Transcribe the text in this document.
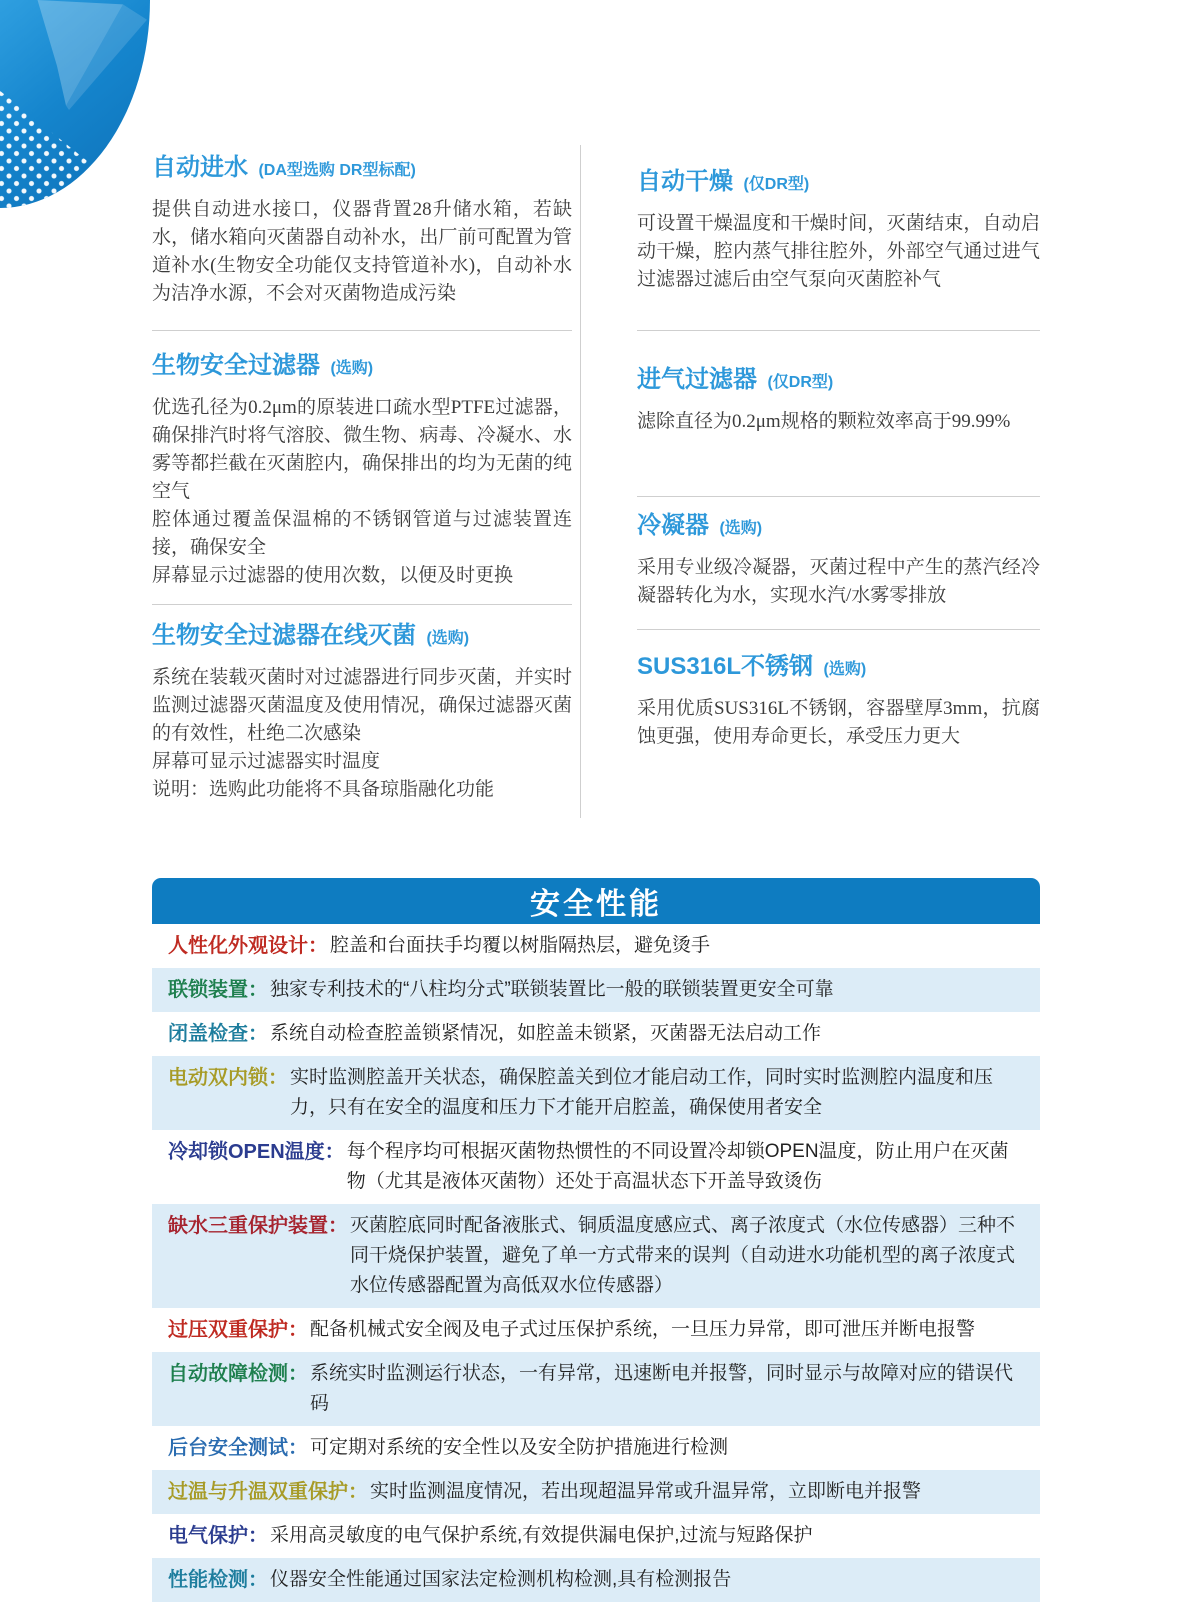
自动进水 (DA型选购 DR型标配)

提供自动进水接口，仪器背置28升储水箱，若缺水，储水箱向灭菌器自动补水，出厂前可配置为管道补水(生物安全功能仅支持管道补水)，自动补水为洁净水源，不会对灭菌物造成污染

生物安全过滤器 (选购)

优选孔径为0.2μm的原装进口疏水型PTFE过滤器，确保排汽时将气溶胶、微生物、病毒、冷凝水、水雾等都拦截在灭菌腔内，确保排出的均为无菌的纯空气

腔体通过覆盖保温棉的不锈钢管道与过滤装置连接，确保安全

屏幕显示过滤器的使用次数，以便及时更换

生物安全过滤器在线灭菌 (选购)

系统在装载灭菌时对过滤器进行同步灭菌，并实时监测过滤器灭菌温度及使用情况，确保过滤器灭菌的有效性，杜绝二次感染

屏幕可显示过滤器实时温度

说明：选购此功能将不具备琼脂融化功能

自动干燥 (仅DR型)

可设置干燥温度和干燥时间，灭菌结束，自动启动干燥，腔内蒸气排往腔外，外部空气通过进气过滤器过滤后由空气泵向灭菌腔补气

进气过滤器 (仅DR型)

滤除直径为0.2μm规格的颗粒效率高于99.99%

冷凝器 (选购)

采用专业级冷凝器，灭菌过程中产生的蒸汽经冷凝器转化为水，实现水汽/水雾零排放

SUS316L不锈钢 (选购)

采用优质SUS316L不锈钢，容器壁厚3mm，抗腐蚀更强，使用寿命更长，承受压力更大

安全性能
人性化外观设计： 腔盖和台面扶手均覆以树脂隔热层，避免烫手
联锁装置： 独家专利技术的“八柱均分式”联锁装置比一般的联锁装置更安全可靠
闭盖检查： 系统自动检查腔盖锁紧情况，如腔盖未锁紧，灭菌器无法启动工作
电动双内锁： 实时监测腔盖开关状态，确保腔盖关到位才能启动工作，同时实时监测腔内温度和压力，只有在安全的温度和压力下才能开启腔盖，确保使用者安全
冷却锁OPEN温度： 每个程序均可根据灭菌物热惯性的不同设置冷却锁OPEN温度，防止用户在灭菌物（尤其是液体灭菌物）还处于高温状态下开盖导致烫伤
缺水三重保护装置： 灭菌腔底同时配备液胀式、铜质温度感应式、离子浓度式（水位传感器）三种不同干烧保护装置，避免了单一方式带来的误判（自动进水功能机型的离子浓度式水位传感器配置为高低双水位传感器）
过压双重保护： 配备机械式安全阀及电子式过压保护系统，一旦压力异常，即可泄压并断电报警
自动故障检测： 系统实时监测运行状态，一有异常，迅速断电并报警，同时显示与故障对应的错误代码
后台安全测试： 可定期对系统的安全性以及安全防护措施进行检测
过温与升温双重保护： 实时监测温度情况，若出现超温异常或升温异常，立即断电并报警
电气保护： 采用高灵敏度的电气保护系统,有效提供漏电保护,过流与短路保护
性能检测： 仪器安全性能通过国家法定检测机构检测,具有检测报告
